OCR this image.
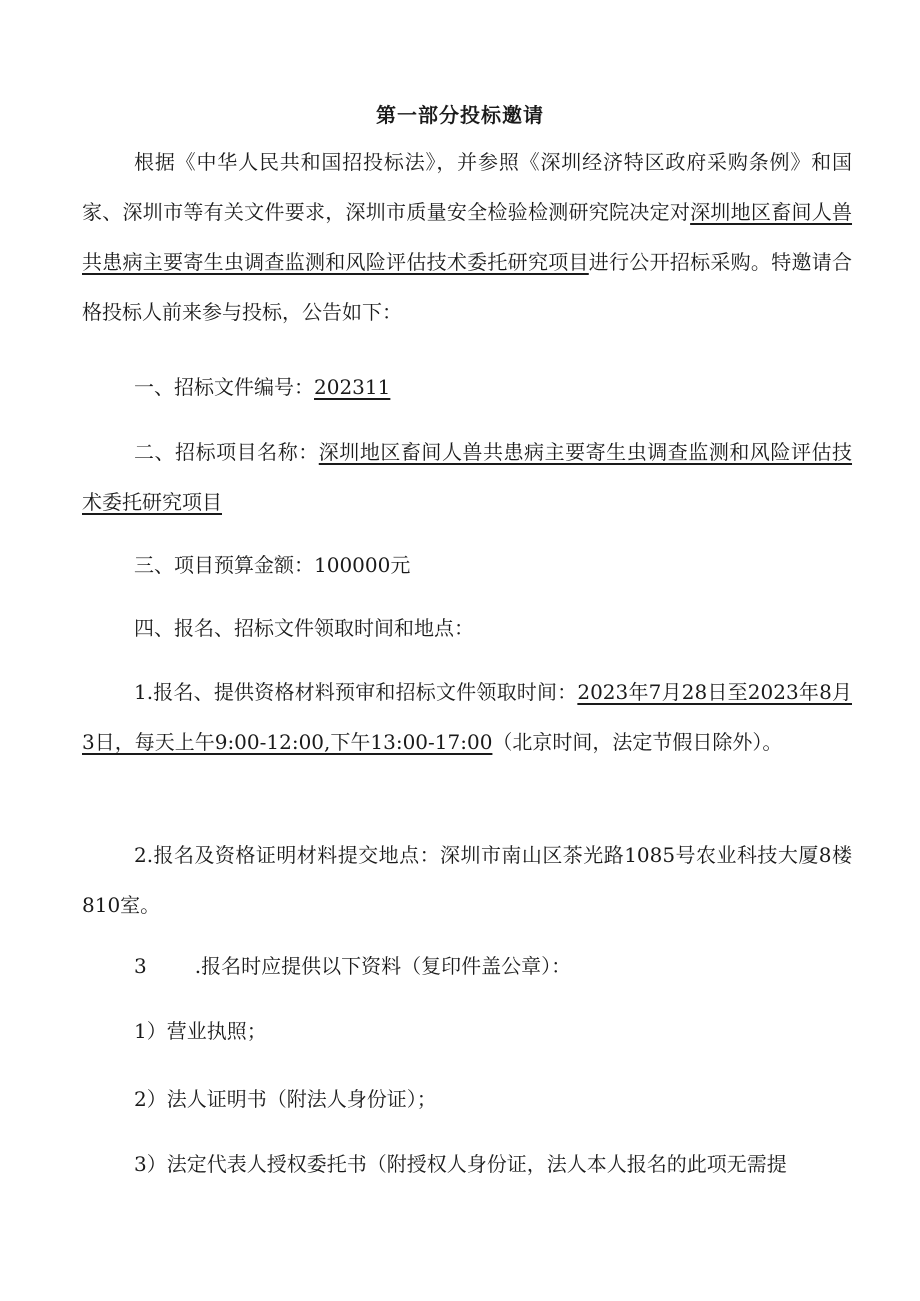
第一部分投标邀请

根据《中华人民共和国招投标法》，并参照《深圳经济特区政府采购条例》和国家、深圳市等有关文件要求，深圳市质量安全检验检测研究院决定对深圳地区畜间人兽共患病主要寄生虫调查监测和风险评估技术委托研究项目进行公开招标采购。特邀请合格投标人前来参与投标，公告如下：

一、招标文件编号：202311

二、招标项目名称：深圳地区畜间人兽共患病主要寄生虫调查监测和风险评估技术委托研究项目

三、项目预算金额：100000元

四、报名、招标文件领取时间和地点：

1.报名、提供资格材料预审和招标文件领取时间：2023年7月28日至2023年8月3日，每天上午9:00-12:00,下午13:00-17:00（北京时间，法定节假日除外）。

2.报名及资格证明材料提交地点：深圳市南山区茶光路1085号农业科技大厦8楼810室。

3 .报名时应提供以下资料（复印件盖公章）：

1）营业执照；

2）法人证明书（附法人身份证）；

3）法定代表人授权委托书（附授权人身份证，法人本人报名的此项无需提
